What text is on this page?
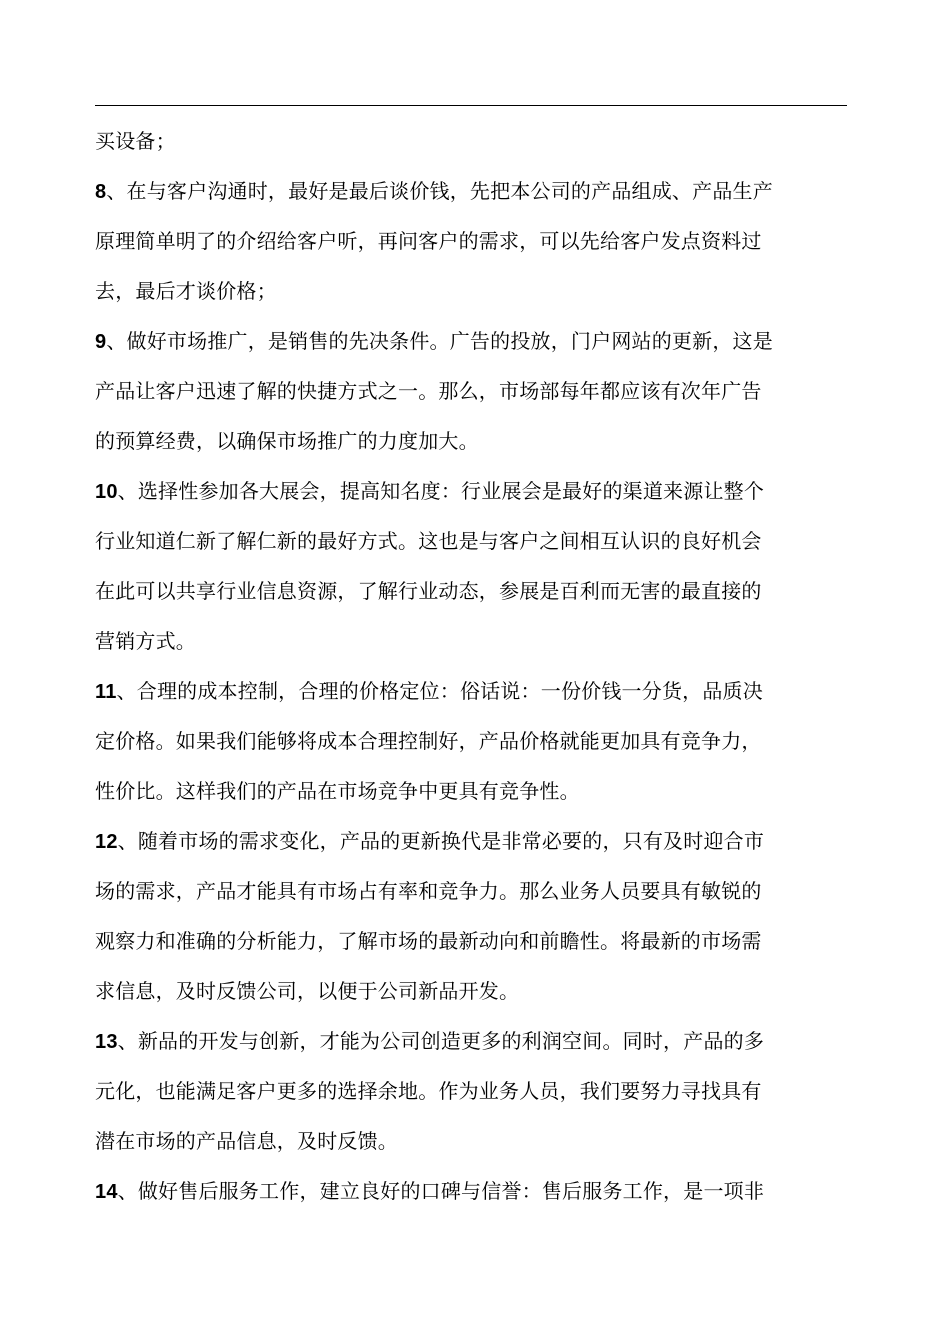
买设备；

8、在与客户沟通时，最好是最后谈价钱，先把本公司的产品组成、产品生产
原理简单明了的介绍给客户听，再问客户的需求，可以先给客户发点资料过
去，最后才谈价格；

9、做好市场推广，是销售的先决条件。广告的投放，门户网站的更新，这是
产品让客户迅速了解的快捷方式之一。那么，市场部每年都应该有次年广告
的预算经费，以确保市场推广的力度加大。

10、选择性参加各大展会，提高知名度：行业展会是最好的渠道来源让整个
行业知道仁新了解仁新的最好方式。这也是与客户之间相互认识的良好机会
在此可以共享行业信息资源，了解行业动态，参展是百利而无害的最直接的
营销方式。

11、合理的成本控制，合理的价格定位：俗话说：一份价钱一分货，品质决
定价格。如果我们能够将成本合理控制好，产品价格就能更加具有竞争力，
性价比。这样我们的产品在市场竞争中更具有竞争性。

12、随着市场的需求变化，产品的更新换代是非常必要的，只有及时迎合市
场的需求，产品才能具有市场占有率和竞争力。那么业务人员要具有敏锐的
观察力和准确的分析能力，了解市场的最新动向和前瞻性。将最新的市场需
求信息，及时反馈公司，以便于公司新品开发。

13、新品的开发与创新，才能为公司创造更多的利润空间。同时，产品的多
元化，也能满足客户更多的选择余地。作为业务人员，我们要努力寻找具有
潜在市场的产品信息，及时反馈。

14、做好售后服务工作，建立良好的口碑与信誉：售后服务工作，是一项非
